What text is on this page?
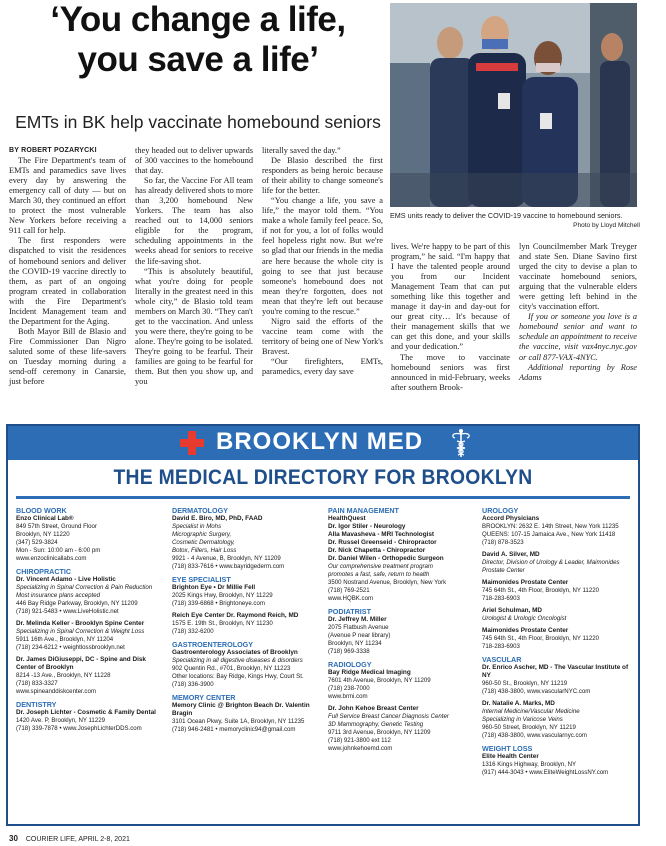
‘You change a life,
you save a life’
EMTs in BK help vaccinate homebound seniors
EMS units ready to deliver the COVID-19 vaccine to homebound seniors.
Photo by Lloyd Mitchell
BY ROBERT POZARYCKI

The Fire Department's team of EMTs and paramedics save lives every day by answering the emergency call of duty — but on March 30, they continued an effort to protect the most vulnerable New Yorkers before receiving a 911 call for help.

The first responders were dispatched to visit the residences of homebound seniors and deliver the COVID-19 vaccine directly to them, as part of an ongoing program created in collaboration with the Fire Department's Incident Management team and the Department for the Aging.

Both Mayor Bill de Blasio and Fire Commissioner Dan Nigro saluted some of these life-savers on Tuesday morning during a send-off ceremony in Canarsie, just before

they headed out to deliver upwards of 300 vaccines to the homebound that day.

So far, the Vaccine For All team has already delivered shots to more than 3,200 homebound New Yorkers. The team has also reached out to 14,000 seniors eligible for the program, scheduling appointments in the weeks ahead for seniors to receive the life-saving shot.

“This is absolutely beautiful, what you're doing for people literally in the greatest need in this whole city,” de Blasio told team members on March 30. “They can't get to the vaccination. And unless you were there, they're going to be alone. They're going to be isolated. They're going to be fearful. Their families are going to be fearful for them. But then you show up, and you

literally saved the day.”

De Blasio described the first responders as being heroic because of their ability to change someone's life for the better.

“You change a life, you save a life,” the mayor told them. “You make a whole family feel peace. So, if not for you, a lot of folks would feel hopeless right now. But we're so glad that our friends in the media are here because the whole city is going to see that just because someone's homebound does not mean they're forgotten, does not mean that they're left out because you're coming to the rescue.”

Nigro said the efforts of the vaccine team come with the territory of being one of New York's Bravest.

“Our firefighters, EMTs, paramedics, every day save

lives. We're happy to be part of this program,” he said. “I'm happy that I have the talented people around you from our Incident Management Team that can put something like this together and manage it day-in and day-out for our great city… It's because of their management skills that we can get this done, and your skills and your dedication.”

The move to vaccinate homebound seniors was first announced in mid-February, weeks after southern Brook-

lyn Councilmember Mark Treyger and state Sen. Diane Savino first urged the city to devise a plan to vaccinate homebound seniors, arguing that the vulnerable elders were getting left behind in the city's vaccination effort.

If you or someone you love is a homebound senior and want to schedule an appointment to receive the vaccine, visit vax4nyc.nyc.gov or call 877-VAX-4NYC.

Additional reporting by Rose Adams

BROOKLYN MED
THE MEDICAL DIRECTORY FOR BROOKLYN
BLOOD WORK
Enzo Clinical Lab®
849 57th Street, Ground Floor
Brooklyn, NY 11220
(347) 529-3824
Mon - Sun: 10:00 am - 6:00 pm
www.enzoclinicallabs.com
CHIROPRACTIC
Dr. Vincent Adamo - Live Holistic
Specializing in Spinal Correction & Pain Reduction
Most insurance plans accepted
446 Bay Ridge Parkway, Brooklyn, NY 11209
(718) 921-5483 • www.LiveHolistic.net
Dr. Melinda Keller - Brooklyn Spine Center
Specializing in Spinal Correction & Weight Loss
5911 16th Ave., Brooklyn, NY 11204
(718) 234-6212 • weightlossbrooklyn.net
Dr. James DiGiuseppi, DC - Spine and Disk Center of Brooklyn
8214 -13 Ave., Brooklyn, NY 11228
(718) 833-3327
www.spineanddiskcenter.com
DENTISTRY
Dr. Joseph Lichter - Cosmetic & Family Dental
1420 Ave. P, Brooklyn, NY 11229
(718) 339-7878 • www.JosephLichterDDS.com
DERMATOLOGY
David E. Bi​ro, MD, PhD, FAAD
Specialist in Mohs
Micrographic Surgery,
Cosmetic Dermatology,
Botox, Fillers, Hair Loss
9921 - 4 Avenue, B, Brooklyn, NY 11209
(718) 833-7616 • www.bayridgederm.com
EYE SPECIALIST
Brighton Eye • Dr Millie Fell
2025 Kings Hwy, Brooklyn, NY 11229
(718) 339-6868 • Brightoneye.com
Reich Eye Center Dr. Raymond Reich, MD
1575 E. 19th St., Brooklyn, NY 11230
(718) 332-6200
GASTROENTEROLOGY
Gastroenterology Associates of Brooklyn
Specializing in all digestive diseases & disorders
902 Quentin Rd., #701, Brooklyn, NY 11223
Other locations: Bay Ridge, Kings Hwy, Court St.
(718) 336-3900
MEMORY CENTER
Memory Clinic @ Brighton Beach Dr. Valentin Bragin
3101 Ocean Pkwy, Suite 1A, Brooklyn, NY 11235
(718) 946-2481 • memoryclinic94@gmail.com
PAIN MANAGEMENT
HealthQuest
Dr. Igor Stiler - Neurology
Alla Mavasheva - MRI Technologist
Dr. Russel Greenseid - Chiropractor
Dr. Nick Chapetta - Chiropractor
Dr. Daniel Wilen - Orthopedic Surgeon
Our comprehensive treatment program
promotes a fast, safe, return to health
3500 Nostrand Avenue, Brooklyn, New York
(718) 769-2521
www.HQBK.com
PODIATRIST
Dr. Jeffrey M. Miller
2075 Flatbush Avenue
(Avenue P near library)
Brooklyn, NY 11234
(718) 969-3338
RADIOLOGY
Bay Ridge Medical Imaging
7601 4th Avenue, Brooklyn, NY 11209
(718) 238-7000
www.brmi.com
Dr. John Kehoe Breast Center
Full Service Breast Cancer Diagnosis Center
3D Mammography, Genetic Testing
9711 3rd Avenue, Brooklyn, NY 11209
(718) 921-3800 ext 112
www.johnkehoemd.com
UROLOGY
Accord Physicians
BROOKLYN: 2632 E. 14th Street, New York 11235
QUEENS: 107-15 Jamaica Ave., New York 11418
(718) 878-3523
David A. Silver, MD
Director, Division of Urology & Leader, Maimonides
Prostate Center
Maimonides Prostate Center
745 64th St., 4th Floor, Brooklyn, NY 11220
718-283-6903
Ariel Schulman, MD
Urologist & Urologic Oncologist
Maimonides Prostate Center
745 64th St., 4th Floor, Brooklyn, NY 11220
718-283-6903
VASCULAR
Dr. Enrico Ascher, MD - The Vascular Institute of NY
960-50 St., Brooklyn, NY 11219
(718) 438-3800, www.vascularNYC.com
Dr. Natalie A. Marks, MD
Internal Medicine/Vascular Medicine
Specializing in Varicose Veins
960-50 Street, Brooklyn, NY 11219
(718) 438-3800, www.vascularnyc.com
WEIGHT LOSS
Elite Health Center
1316 Kings Highway, Brooklyn, NY
(917) 444-3043 • www.EliteWeightLossNY.com
30 COURIER LIFE, APRIL 2-8, 2021
